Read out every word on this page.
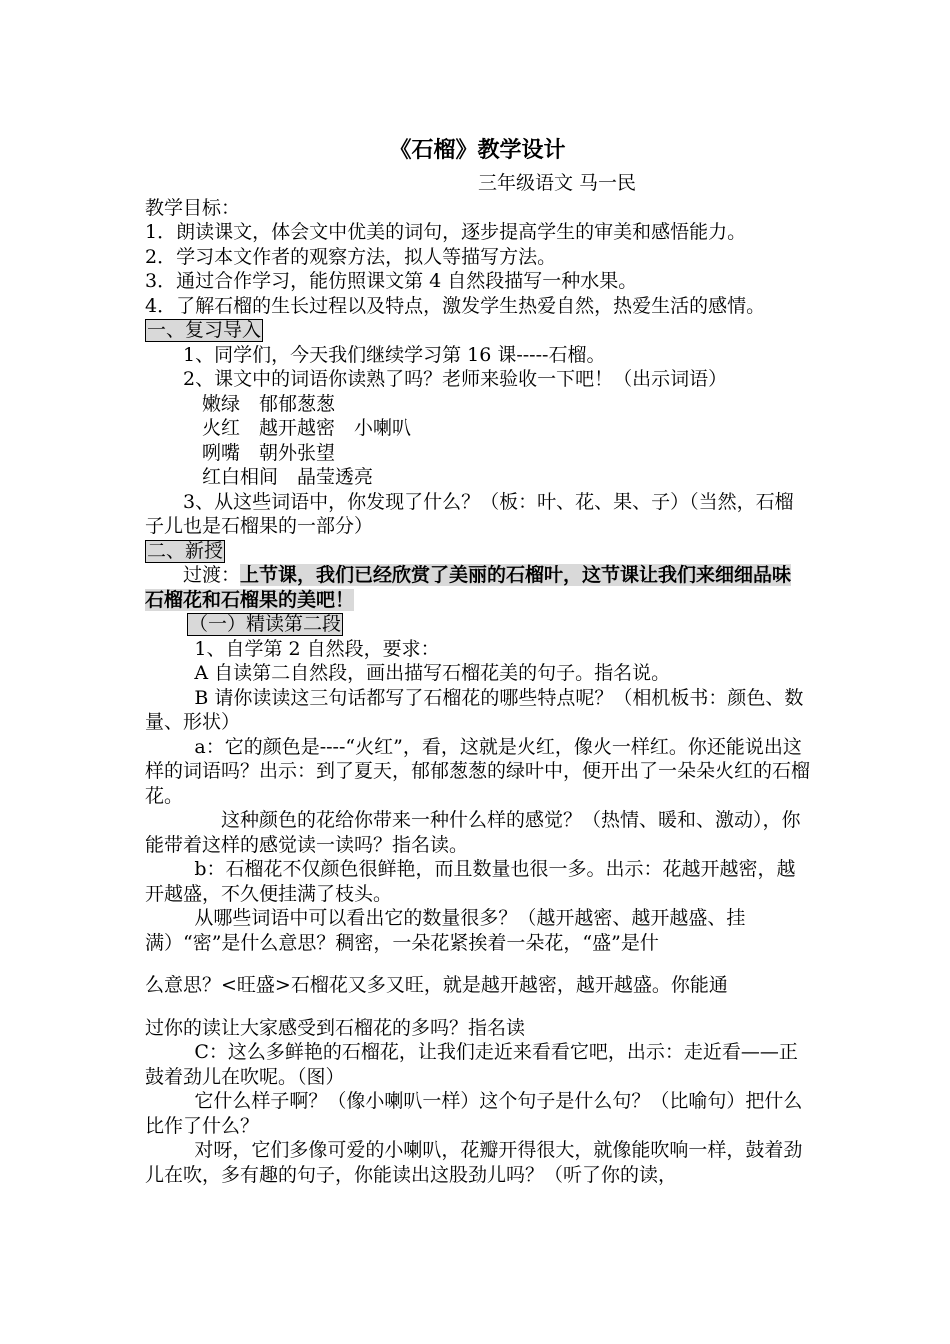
《石榴》教学设计

三年级语文 马一民

教学目标：

1．朗读课文，体会文中优美的词句，逐步提高学生的审美和感悟能力。

2．学习本文作者的观察方法，拟人等描写方法。

3．通过合作学习，能仿照课文第 4 自然段描写一种水果。

4．了解石榴的生长过程以及特点，激发学生热爱自然，热爱生活的感情。

一、复习导入

1、同学们，今天我们继续学习第 16 课-----石榴。

2、课文中的词语你读熟了吗？老师来验收一下吧！（出示词语）

嫩绿　郁郁葱葱

火红　越开越密　小喇叭

咧嘴　朝外张望

红白相间　晶莹透亮

3、从这些词语中，你发现了什么？（板：叶、花、果、子）（当然，石榴子儿也是石榴果的一部分）

二、新授

过渡：上节课，我们已经欣赏了美丽的石榴叶，这节课让我们来细细品味石榴花和石榴果的美吧！

（一）精读第二段

1、自学第 2 自然段，要求：

A 自读第二自然段，画出描写石榴花美的句子。指名说。

B 请你读读这三句话都写了石榴花的哪些特点呢？（相机板书：颜色、数量、形状）

a：它的颜色是----“火红”，看，这就是火红，像火一样红。你还能说出这样的词语吗？出示：到了夏天，郁郁葱葱的绿叶中，便开出了一朵朵火红的石榴花。

这种颜色的花给你带来一种什么样的感觉？（热情、暖和、激动），你能带着这样的感觉读一读吗？指名读。

b：石榴花不仅颜色很鲜艳，而且数量也很一多。出示：花越开越密，越开越盛，不久便挂满了枝头。

从哪些词语中可以看出它的数量很多？（越开越密、越开越盛、挂满）“密”是什么意思？稠密，一朵花紧挨着一朵花，“盛”是什

么意思？<旺盛>石榴花又多又旺，就是越开越密，越开越盛。你能通

过你的读让大家感受到石榴花的多吗？指名读

C：这么多鲜艳的石榴花，让我们走近来看看它吧，出示：走近看——正鼓着劲儿在吹呢。（图）

它什么样子啊？（像小喇叭一样）这个句子是什么句？（比喻句）把什么比作了什么？

对呀，它们多像可爱的小喇叭，花瓣开得很大，就像能吹响一样，鼓着劲儿在吹，多有趣的句子，你能读出这股劲儿吗？（听了你的读，
